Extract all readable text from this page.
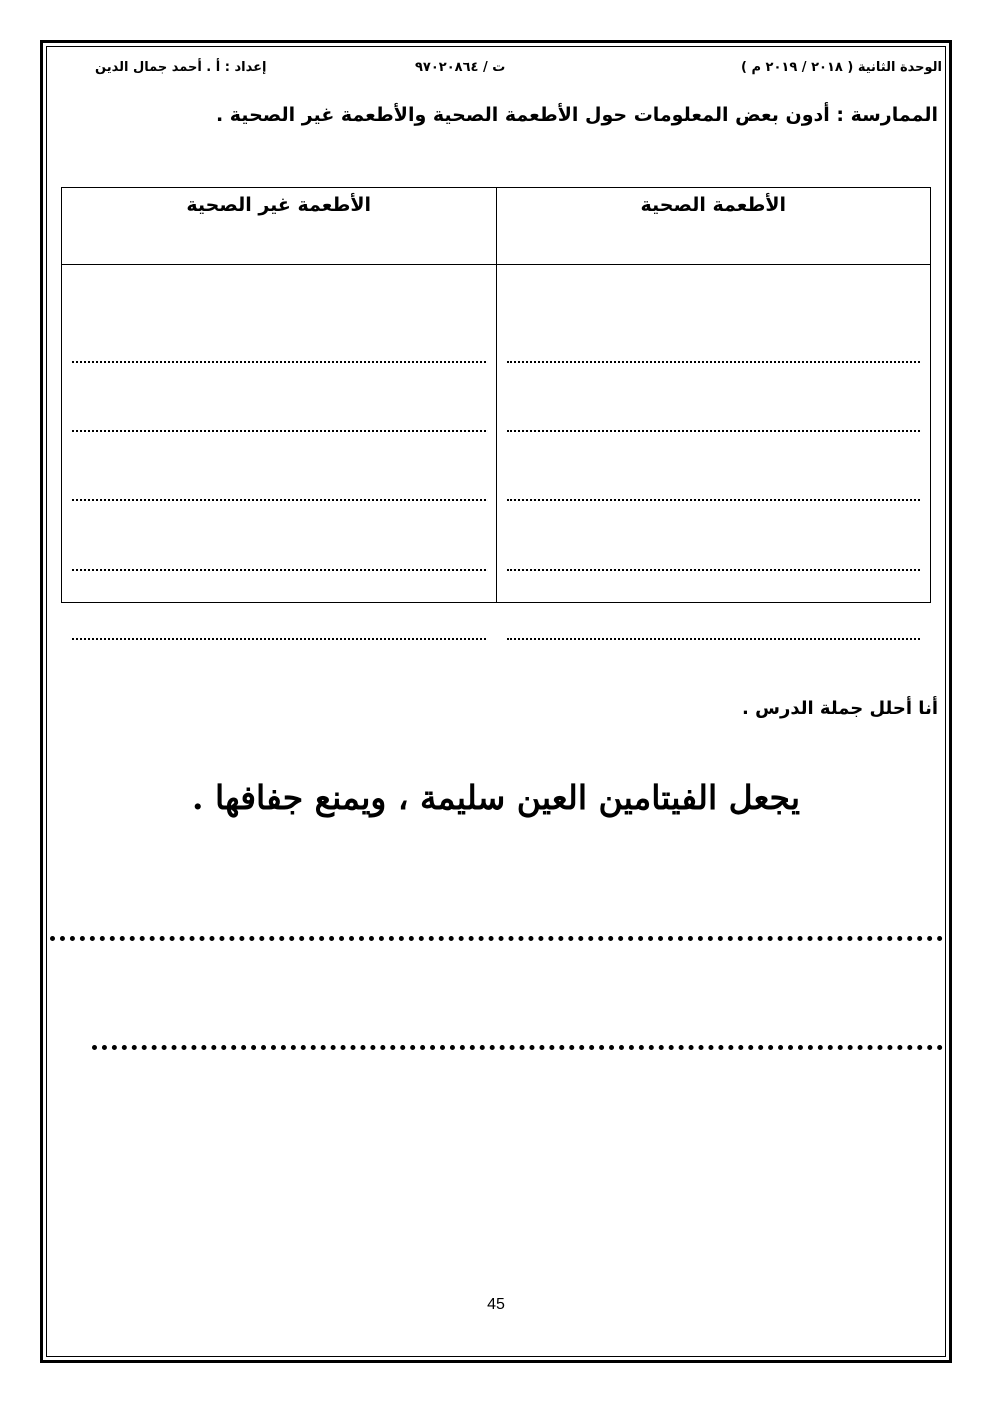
الوحدة الثانية ( ٢٠١٨ / ٢٠١٩ م )
ت / ٩٧٠٢٠٨٦٤
إعداد : أ . أحمد جمال الدين
الممارسة : أدون بعض المعلومات حول الأطعمة الصحية والأطعمة غير الصحية .
الأطعمة الصحية	الأطعمة غير الصحية

أنا أحلل جملة الدرس .
يجعل الفيتامين العين سليمة ، ويمنع جفافها .
45
